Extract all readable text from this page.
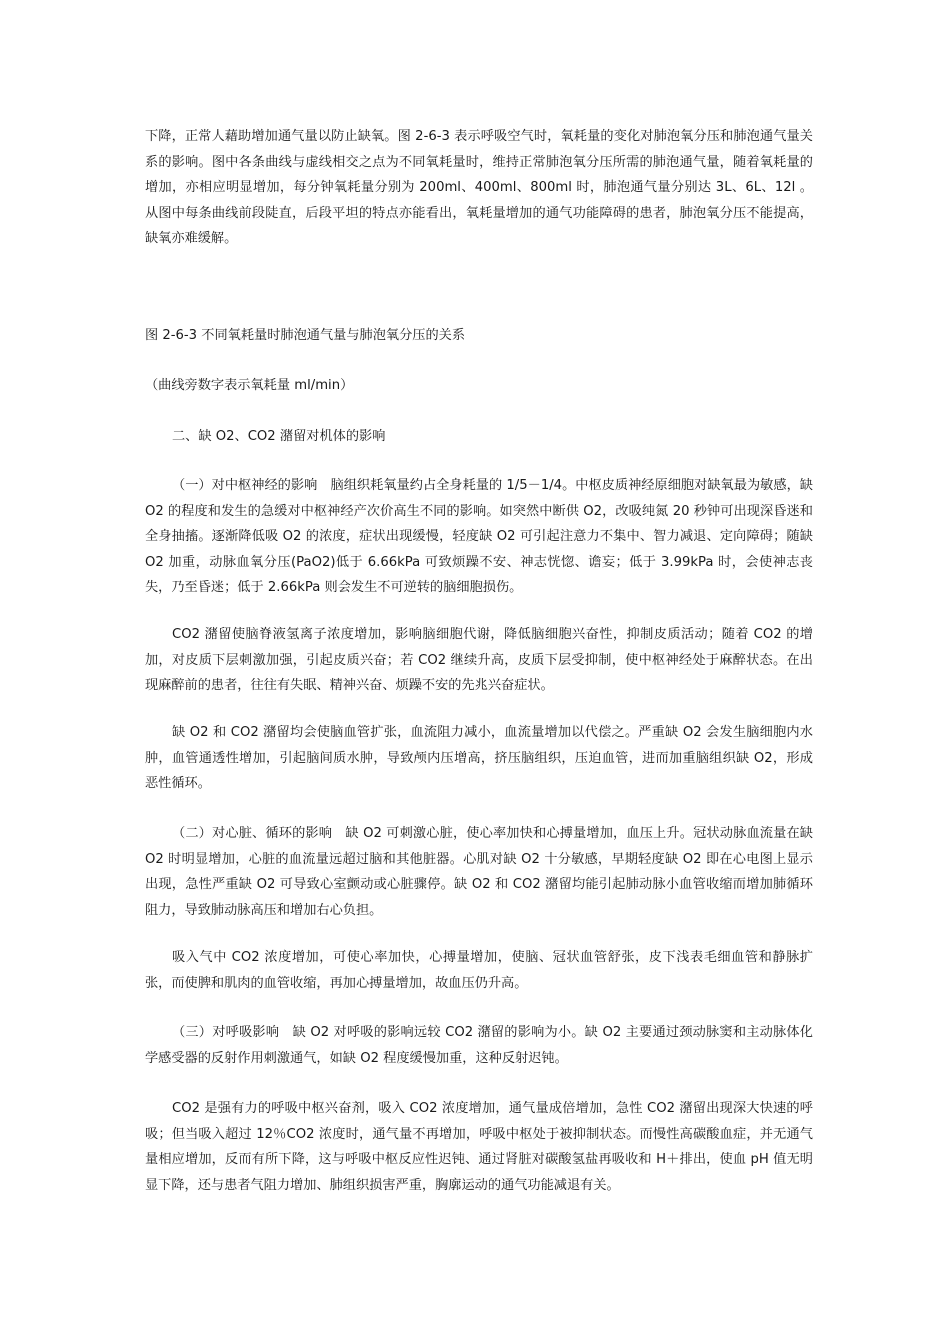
下降，正常人藉助增加通气量以防止缺氧。图 2-6-3 表示呼吸空气时，氧耗量的变化对肺泡氧分压和肺泡通气量关系的影响。图中各条曲线与虚线相交之点为不同氧耗量时，维持正常肺泡氧分压所需的肺泡通气量，随着氧耗量的增加，亦相应明显增加，每分钟氧耗量分别为 200ml、400ml、800ml 时，肺泡通气量分别达 3L、6L、12l 。从图中每条曲线前段陡直，后段平坦的特点亦能看出，氧耗量增加的通气功能障碍的患者，肺泡氧分压不能提高，缺氧亦难缓解。

图 2-6-3 不同氧耗量时肺泡通气量与肺泡氧分压的关系

（曲线旁数字表示氧耗量 ml/min）

二、缺 O2、CO2 潴留对机体的影响

（一）对中枢神经的影响　脑组织耗氧量约占全身耗量的 1/5－1/4。中枢皮质神经原细胞对缺氧最为敏感，缺 O2 的程度和发生的急缓对中枢神经产次价高生不同的影响。如突然中断供 O2，改吸纯氮 20 秒钟可出现深昏迷和全身抽搐。逐渐降低吸 O2 的浓度，症状出现缓慢，轻度缺 O2 可引起注意力不集中、智力减退、定向障碍；随缺 O2 加重，动脉血氧分压(PaO2)低于 6.66kPa 可致烦躁不安、神志恍惚、谵妄；低于 3.99kPa 时，会使神志丧失，乃至昏迷；低于 2.66kPa 则会发生不可逆转的脑细胞损伤。

CO2 潴留使脑脊液氢离子浓度增加，影响脑细胞代谢，降低脑细胞兴奋性，抑制皮质活动；随着 CO2 的增加，对皮质下层刺激加强，引起皮质兴奋；若 CO2 继续升高，皮质下层受抑制，使中枢神经处于麻醉状态。在出现麻醉前的患者，往往有失眠、精神兴奋、烦躁不安的先兆兴奋症状。

缺 O2 和 CO2 潴留均会使脑血管扩张，血流阻力减小，血流量增加以代偿之。严重缺 O2 会发生脑细胞内水肿，血管通透性增加，引起脑间质水肿，导致颅内压增高，挤压脑组织，压迫血管，进而加重脑组织缺 O2，形成恶性循环。

（二）对心脏、循环的影响　缺 O2 可刺激心脏，使心率加快和心搏量增加，血压上升。冠状动脉血流量在缺 O2 时明显增加，心脏的血流量远超过脑和其他脏器。心肌对缺 O2 十分敏感，早期轻度缺 O2 即在心电图上显示出现，急性严重缺 O2 可导致心室颤动或心脏骤停。缺 O2 和 CO2 潴留均能引起肺动脉小血管收缩而增加肺循环阻力，导致肺动脉高压和增加右心负担。

吸入气中 CO2 浓度增加，可使心率加快，心搏量增加，使脑、冠状血管舒张，皮下浅表毛细血管和静脉扩张，而使脾和肌肉的血管收缩，再加心搏量增加，故血压仍升高。

（三）对呼吸影响　缺 O2 对呼吸的影响远较 CO2 潴留的影响为小。缺 O2 主要通过颈动脉窦和主动脉体化学感受器的反射作用刺激通气，如缺 O2 程度缓慢加重，这种反射迟钝。

CO2 是强有力的呼吸中枢兴奋剂，吸入 CO2 浓度增加，通气量成倍增加，急性 CO2 潴留出现深大快速的呼吸；但当吸入超过 12％CO2 浓度时，通气量不再增加，呼吸中枢处于被抑制状态。而慢性高碳酸血症，并无通气量相应增加，反而有所下降，这与呼吸中枢反应性迟钝、通过肾脏对碳酸氢盐再吸收和 H＋排出，使血 pH 值无明显下降，还与患者气阻力增加、肺组织损害严重，胸廓运动的通气功能减退有关。
